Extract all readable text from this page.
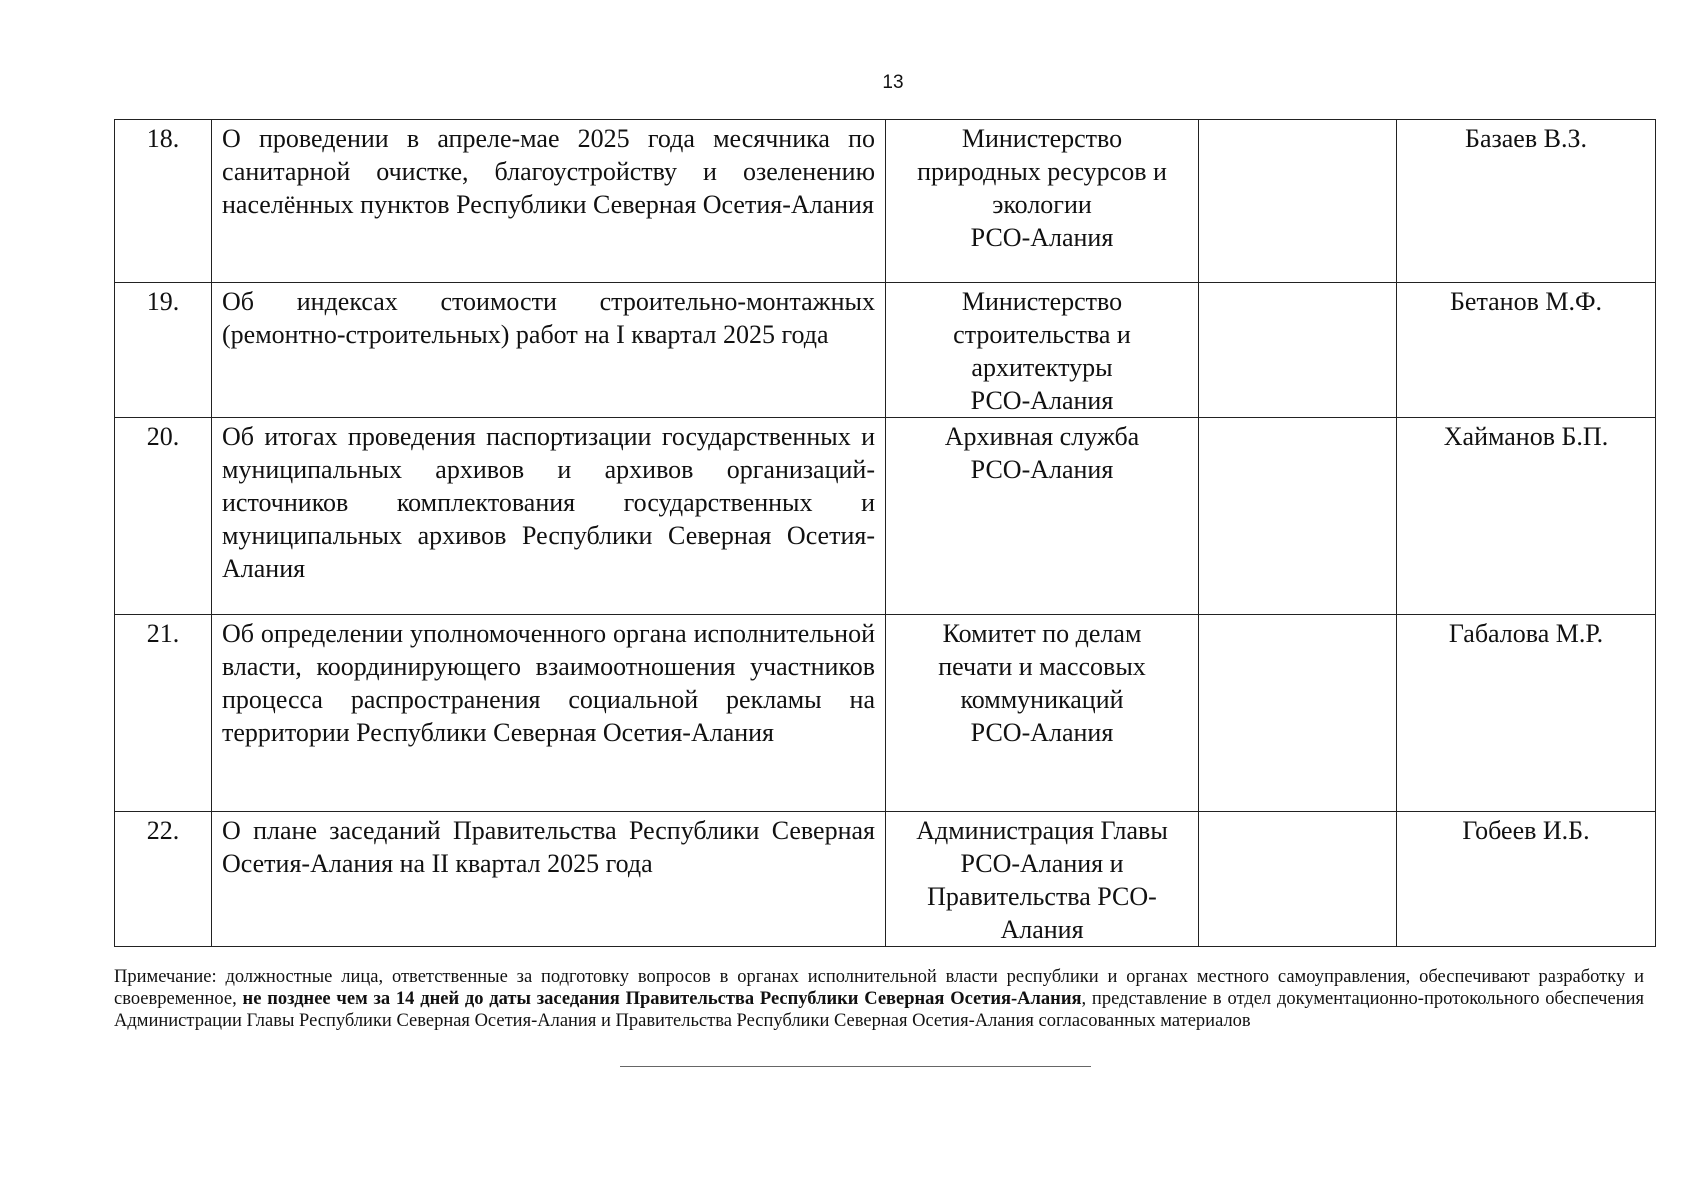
13
18.	О проведении в апреле-мае 2025 года месячника по санитарной очистке, благоустройству и озеленению населённых пунктов Республики Северная Осетия-Алания	Министерство
природных ресурсов и
экологии
РСО-Алания		Базаев В.З.
19.	Об индексах стоимости строительно-монтажных (ремонтно-строительных) работ на I квартал 2025 года	Министерство
строительства и
архитектуры
РСО-Алания		Бетанов М.Ф.
20.	Об итогах проведения паспортизации государственных и муниципальных архивов и архивов организаций-источников комплектования государственных и муниципальных архивов Республики Северная Осетия-Алания	Архивная служба
РСО-Алания		Хайманов Б.П.
21.	Об определении уполномоченного органа исполнительной власти, координирующего взаимоотношения участников процесса распространения социальной рекламы на территории Республики Северная Осетия-Алания	Комитет по делам
печати и массовых
коммуникаций
РСО-Алания		Габалова М.Р.
22.	О плане заседаний Правительства Республики Северная Осетия-Алания на II квартал 2025 года	Администрация Главы
РСО-Алания и
Правительства РСО-
Алания		Гобеев И.Б.
Примечание: должностные лица, ответственные за подготовку вопросов в органах исполнительной власти республики и органах местного самоуправления, обеспечивают разработку и своевременное, не позднее чем за 14 дней до даты заседания Правительства Республики Северная Осетия-Алания, представление в отдел документационно-протокольного обеспечения Администрации Главы Республики Северная Осетия-Алания и Правительства Республики Северная Осетия-Алания согласованных материалов
